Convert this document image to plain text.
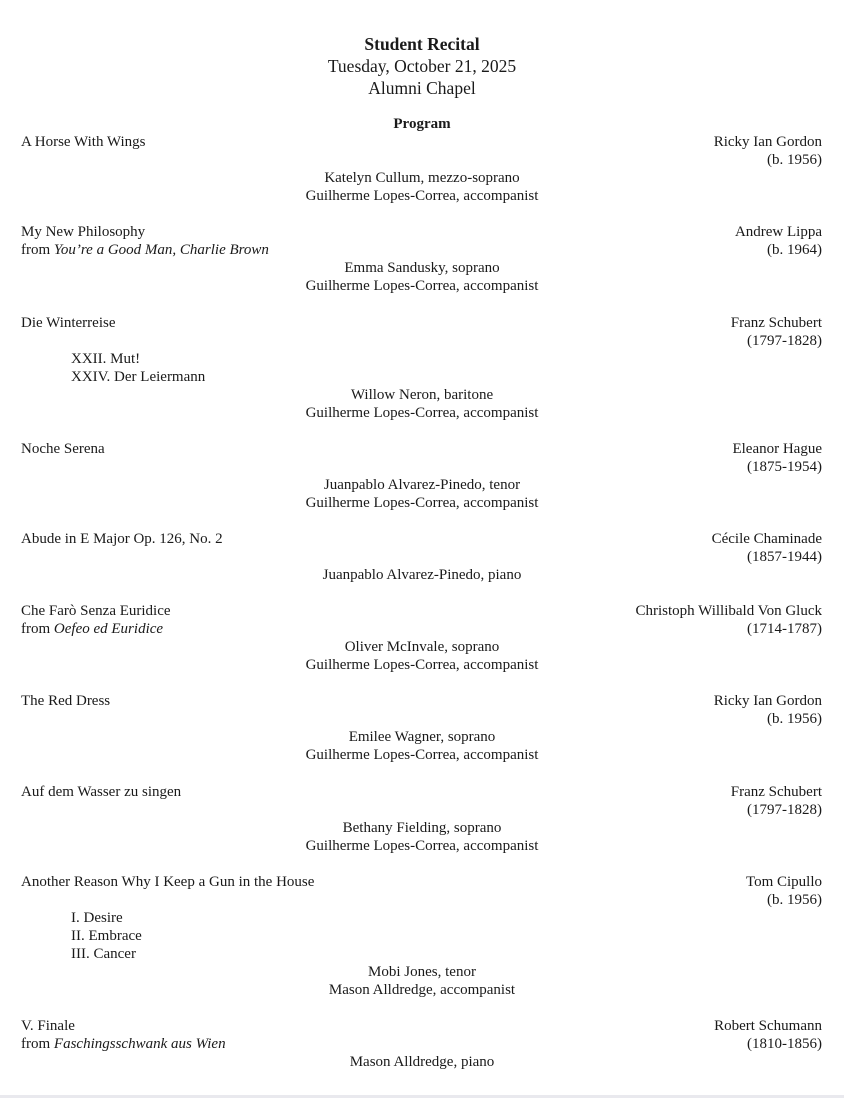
Student Recital
Tuesday, October 21, 2025
Alumni Chapel
Program
A Horse With Wings	Ricky Ian Gordon
(b. 1956)
Katelyn Cullum, mezzo-soprano
Guilherme Lopes-Correa, accompanist
My New Philosophy	Andrew Lippa
from You’re a Good Man, Charlie Brown	(b. 1964)
Emma Sandusky, soprano
Guilherme Lopes-Correa, accompanist
Die Winterreise	Franz Schubert
(1797-1828)
XXII. Mut!
XXIV. Der Leiermann
Willow Neron, baritone
Guilherme Lopes-Correa, accompanist
Noche Serena	Eleanor Hague
(1875-1954)
Juanpablo Alvarez-Pinedo, tenor
Guilherme Lopes-Correa, accompanist
Abude in E Major Op. 126, No. 2	Cécile Chaminade
(1857-1944)
Juanpablo Alvarez-Pinedo, piano
Che Farò Senza Euridice	Christoph Willibald Von Gluck
from Oefeo ed Euridice	(1714-1787)
Oliver McInvale, soprano
Guilherme Lopes-Correa, accompanist
The Red Dress	Ricky Ian Gordon
(b. 1956)
Emilee Wagner, soprano
Guilherme Lopes-Correa, accompanist
Auf dem Wasser zu singen	Franz Schubert
(1797-1828)
Bethany Fielding, soprano
Guilherme Lopes-Correa, accompanist
Another Reason Why I Keep a Gun in the House	Tom Cipullo
(b. 1956)
I. Desire
II. Embrace
III. Cancer
Mobi Jones, tenor
Mason Alldredge, accompanist
V. Finale	Robert Schumann
from Faschingsschwank aus Wien	(1810-1856)
Mason Alldredge, piano
